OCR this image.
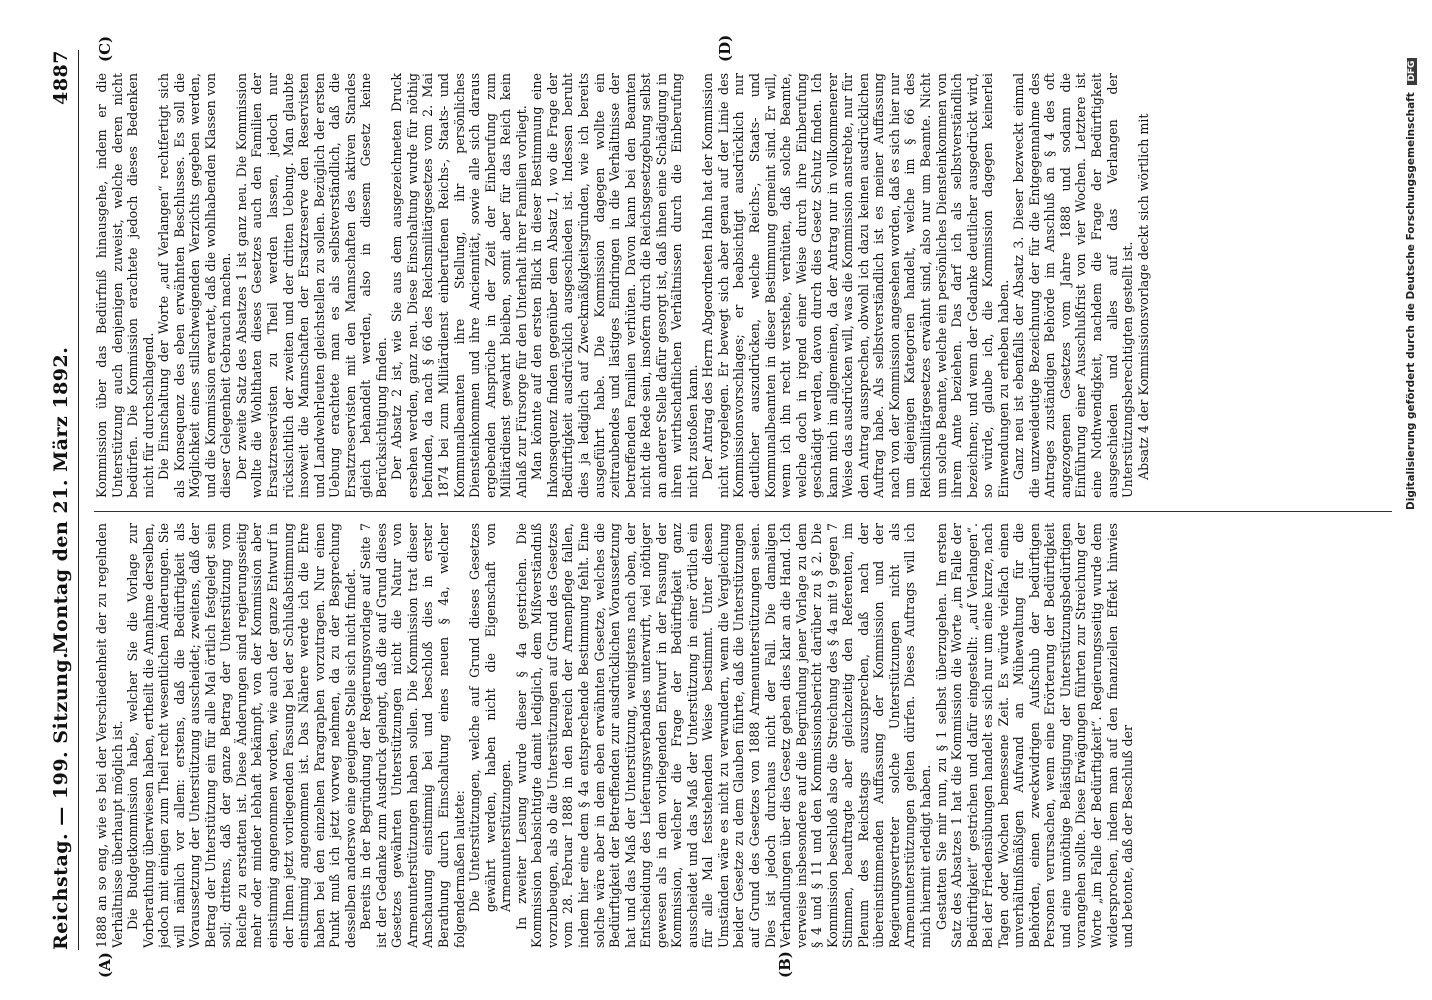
Reichstag. — 199. Sitzung.
Montag den 21. März 1892.
4887
(A)	(B)
(C)	(D)

1888 an so eng, wie es bei der Verschiedenheit der zu regelnden Verhältnisse überhaupt möglich ist. Die Budgetkommission habe, welcher Sie die Vorlage zur Vorberathung überwiesen haben, ertheilt die Annahme derselben, jedoch mit einigen zum Theil recht wesentlichen Änderungen. Sie will nämlich vor allem: erstens, daß die Bedürftigkeit als Voraussetzung der Unterstützung ausscheidet; zweitens, daß der Betrag der Unterstützung ein für alle Mal örtlich festgelegt sein soll; drittens, daß der ganze Betrag der Unterstützung vom Reiche zu erstatten ist. Diese Änderungen sind regierungsseitig mehr oder minder lebhaft bekämpft, von der Kommission aber einstimmig angenommen worden, wie auch der ganze Entwurf in der Ihnen jetzt vorliegenden Fassung bei der Schlußabstimmung einstimmig angenommen ist. Das Nähere werde ich die Ehre haben bei den einzelnen Paragraphen vorzutragen. Nur einen Punkt muß ich jetzt vorweg nehmen, da zu der Besprechung desselben anderswo eine geeignete Stelle sich nicht findet. Bereits in der Begründung der Regierungsvorlage auf Seite 7 ist der Gedanke zum Ausdruck gelangt, daß die auf Grund dieses Gesetzes gewährten Unterstützungen nicht die Natur von Armenunterstützungen haben sollen. Die Kommission trat dieser Anschauung einstimmig bei und beschloß dies in erster Berathung durch Einschaltung eines neuen § 4a, welcher folgendermaßen lautete: Die Unterstützungen, welche auf Grund dieses Gesetzes gewährt werden, haben nicht die Eigenschaft von Armenunterstützungen. In zweiter Lesung wurde dieser § 4a gestrichen. Die Kommission beabsichtigte damit lediglich, dem Mißverständniß vorzubeugen, als ob die Unterstützungen auf Grund des Gesetzes vom 28. Februar 1888 in den Bereich der Armenpflege fallen, indem hier eine dem § 4a entsprechende Bestimmung fehlt. Eine solche wäre aber in dem eben erwähnten Gesetze, welches die Bedürftigkeit der Betreffenden zur ausdrücklichen Voraussetzung hat und das Maß der Unterstützung, wenigstens nach oben, der Entscheidung des Lieferungsverbandes unterwirft, viel nöthiger gewesen als in dem vorliegenden Entwurf in der Fassung der Kommission, welcher die Frage der Bedürftigkeit ganz ausscheidet und das Maß der Unterstützung in einer örtlich ein für alle Mal feststehenden Weise bestimmt. Unter diesen Umständen wäre es nicht zu verwundern, wenn die Vergleichung beider Gesetze zu dem Glauben führte, daß die Unterstützungen auf Grund des Gesetzes von 1888 Armenunterstützungen seien. Dies ist jedoch durchaus nicht der Fall. Die damaligen Verhandlungen über dies Gesetz geben dies klar an die Hand. Ich verweise insbesondere auf die Begründung jener Vorlage zu dem § 4 und § 11 und den Kommissionsbericht darüber zu § 2. Die Kommission beschloß also die Streichung des § 4a mit 9 gegen 7 Stimmen, beauftragte aber gleichzeitig den Referenten, im Plenum des Reichstags auszusprechen, daß nach der übereinstimmenden Auffassung der Kommission und der Regierungsvertreter solche Unterstützungen nicht als Armenunterstützungen gelten dürfen. Dieses Auftrags will ich mich hiermit erledigt haben. Gestatten Sie mir nun, zu § 1 selbst überzugehen. Im ersten Satz des Absatzes 1 hat die Kommission die Worte „im Falle der Bedürftigkeit“ gestrichen und dafür eingestellt: „auf Verlangen“. Bei der Friedensübungen handelt es sich nur um eine kurze, nach Tagen oder Wochen bemessene Zeit. Es würde vielfach einen unverhältnißmäßigen Aufwand an Mühewaltung für die Behörden, einen zweckwidrigen Aufschub der bedürftigen Personen verursachen, wenn eine Erörterung der Bedürftigkeit und eine unnöthige Belästigung der Unterstützungsbedürftigen vorangehen sollte. Diese Erwägungen führten zur Streichung der Worte „im Falle der Bedürftigkeit“. Regierungsseitig wurde dem widersprochen, indem man auf den finanziellen Effekt hinwies und betonte, daß der Beschluß der

Kommission über das Bedürfniß hinausgehe, indem er die Unterstützung auch denjenigen zuweist, welche deren nicht bedürfen. Die Kommission erachtete jedoch dieses Bedenken nicht für durchschlagend. Die Einschaltung der Worte „auf Verlangen“ rechtfertigt sich als Konsequenz des eben erwähnten Beschlusses. Es soll die Möglichkeit eines stillschweigenden Verzichts gegeben werden, und die Kommission erwartet, daß die wohlhabenden Klassen von dieser Gelegenheit Gebrauch machen. Der zweite Satz des Absatzes 1 ist ganz neu. Die Kommission wollte die Wohlthaten dieses Gesetzes auch den Familien der Ersatzreservisten zu Theil werden lassen, jedoch nur rücksichtlich der zweiten und der dritten Uebung. Man glaubte insoweit die Mannschaften der Ersatzreserve den Reservisten und Landwehrleuten gleichstellen zu sollen. Bezüglich der ersten Uebung erachtete man es als selbstverständlich, daß die Ersatzreservisten mit den Mannschaften des aktiven Standes gleich behandelt werden, also in diesem Gesetz keine Berücksichtigung finden. Der Absatz 2 ist, wie Sie aus dem ausgezeichneten Druck ersehen werden, ganz neu. Diese Einschaltung wurde für nöthig befunden, da nach § 66 des Reichsmilitärgesetzes vom 2. Mai 1874 bei zum Militärdienst einberufenen Reichs-, Staats- und Kommunalbeamten ihre Stellung, ihr persönliches Diensteinkommen und ihre Anciennität, sowie alle sich daraus ergebenden Ansprüche in der Zeit der Einberufung zum Militärdienst gewahrt bleiben, somit aber für das Reich kein Anlaß zur Fürsorge für den Unterhalt ihrer Familien vorliegt. Man könnte auf den ersten Blick in dieser Bestimmung eine Inkonsequenz finden gegenüber dem Absatz 1, wo die Frage der Bedürftigkeit ausdrücklich ausgeschieden ist. Indessen beruht dies ja lediglich auf Zweckmäßigkeitsgründen, wie ich bereits ausgeführt habe. Die Kommission dagegen wollte ein zeitraubendes und lästiges Eindringen in die Verhältnisse der betreffenden Familien verhüten. Davon kann bei den Beamten nicht die Rede sein, insofern durch die Reichsgesetzgebung selbst an anderer Stelle dafür gesorgt ist, daß ihnen eine Schädigung in ihren wirthschaftlichen Verhältnissen durch die Einberufung nicht zustoßen kann. Der Antrag des Herrn Abgeordneten Hahn hat der Kommission nicht vorgelegen. Er bewegt sich aber genau auf der Linie des Kommissionsvorschlages; er beabsichtigt ausdrücklich nur deutlicher auszudrücken, welche Reichs-, Staats- und Kommunalbeamten in dieser Bestimmung gemeint sind. Er will, wenn ich ihn recht verstehe, verhüten, daß solche Beamte, welche doch in irgend einer Weise durch ihre Einberufung geschädigt werden, davon durch dies Gesetz Schutz finden. Ich kann mich im allgemeinen, da der Antrag nur in vollkommenerer Weise das ausdrücken will, was die Kommission anstrebte, nur für den Antrag aussprechen, obwohl ich dazu keinen ausdrücklichen Auftrag habe. Als selbstverständlich ist es meiner Auffassung nach von der Kommission angesehen worden, daß es sich hier nur um diejenigen Kategorien handelt, welche im § 66 des Reichsmilitärgesetzes erwähnt sind, also nur um Beamte. Nicht um solche Beamte, welche ein persönliches Diensteinkommen von ihrem Amte beziehen. Das darf ich als selbstverständlich bezeichnen; und wenn der Gedanke deutlicher ausgedrückt wird, so würde, glaube ich, die Kommission dagegen keinerlei Einwendungen zu erheben haben. Ganz neu ist ebenfalls der Absatz 3. Dieser bezweckt einmal die unzweideutige Bezeichnung der für die Entgegennahme des Antrages zuständigen Behörde im Anschluß an § 4 des oft angezogenen Gesetzes vom Jahre 1888 und sodann die Einführung einer Ausschlußfrist von vier Wochen. Letztere ist eine Nothwendigkeit, nachdem die Frage der Bedürftigkeit ausgeschieden und alles auf das Verlangen der Unterstützungsberechtigten gestellt ist. Absatz 4 der Kommissionsvorlage deckt sich wörtlich mit	Digitalisierung gefördert durch die Deutsche Forschungsgemeinschaft DFG
